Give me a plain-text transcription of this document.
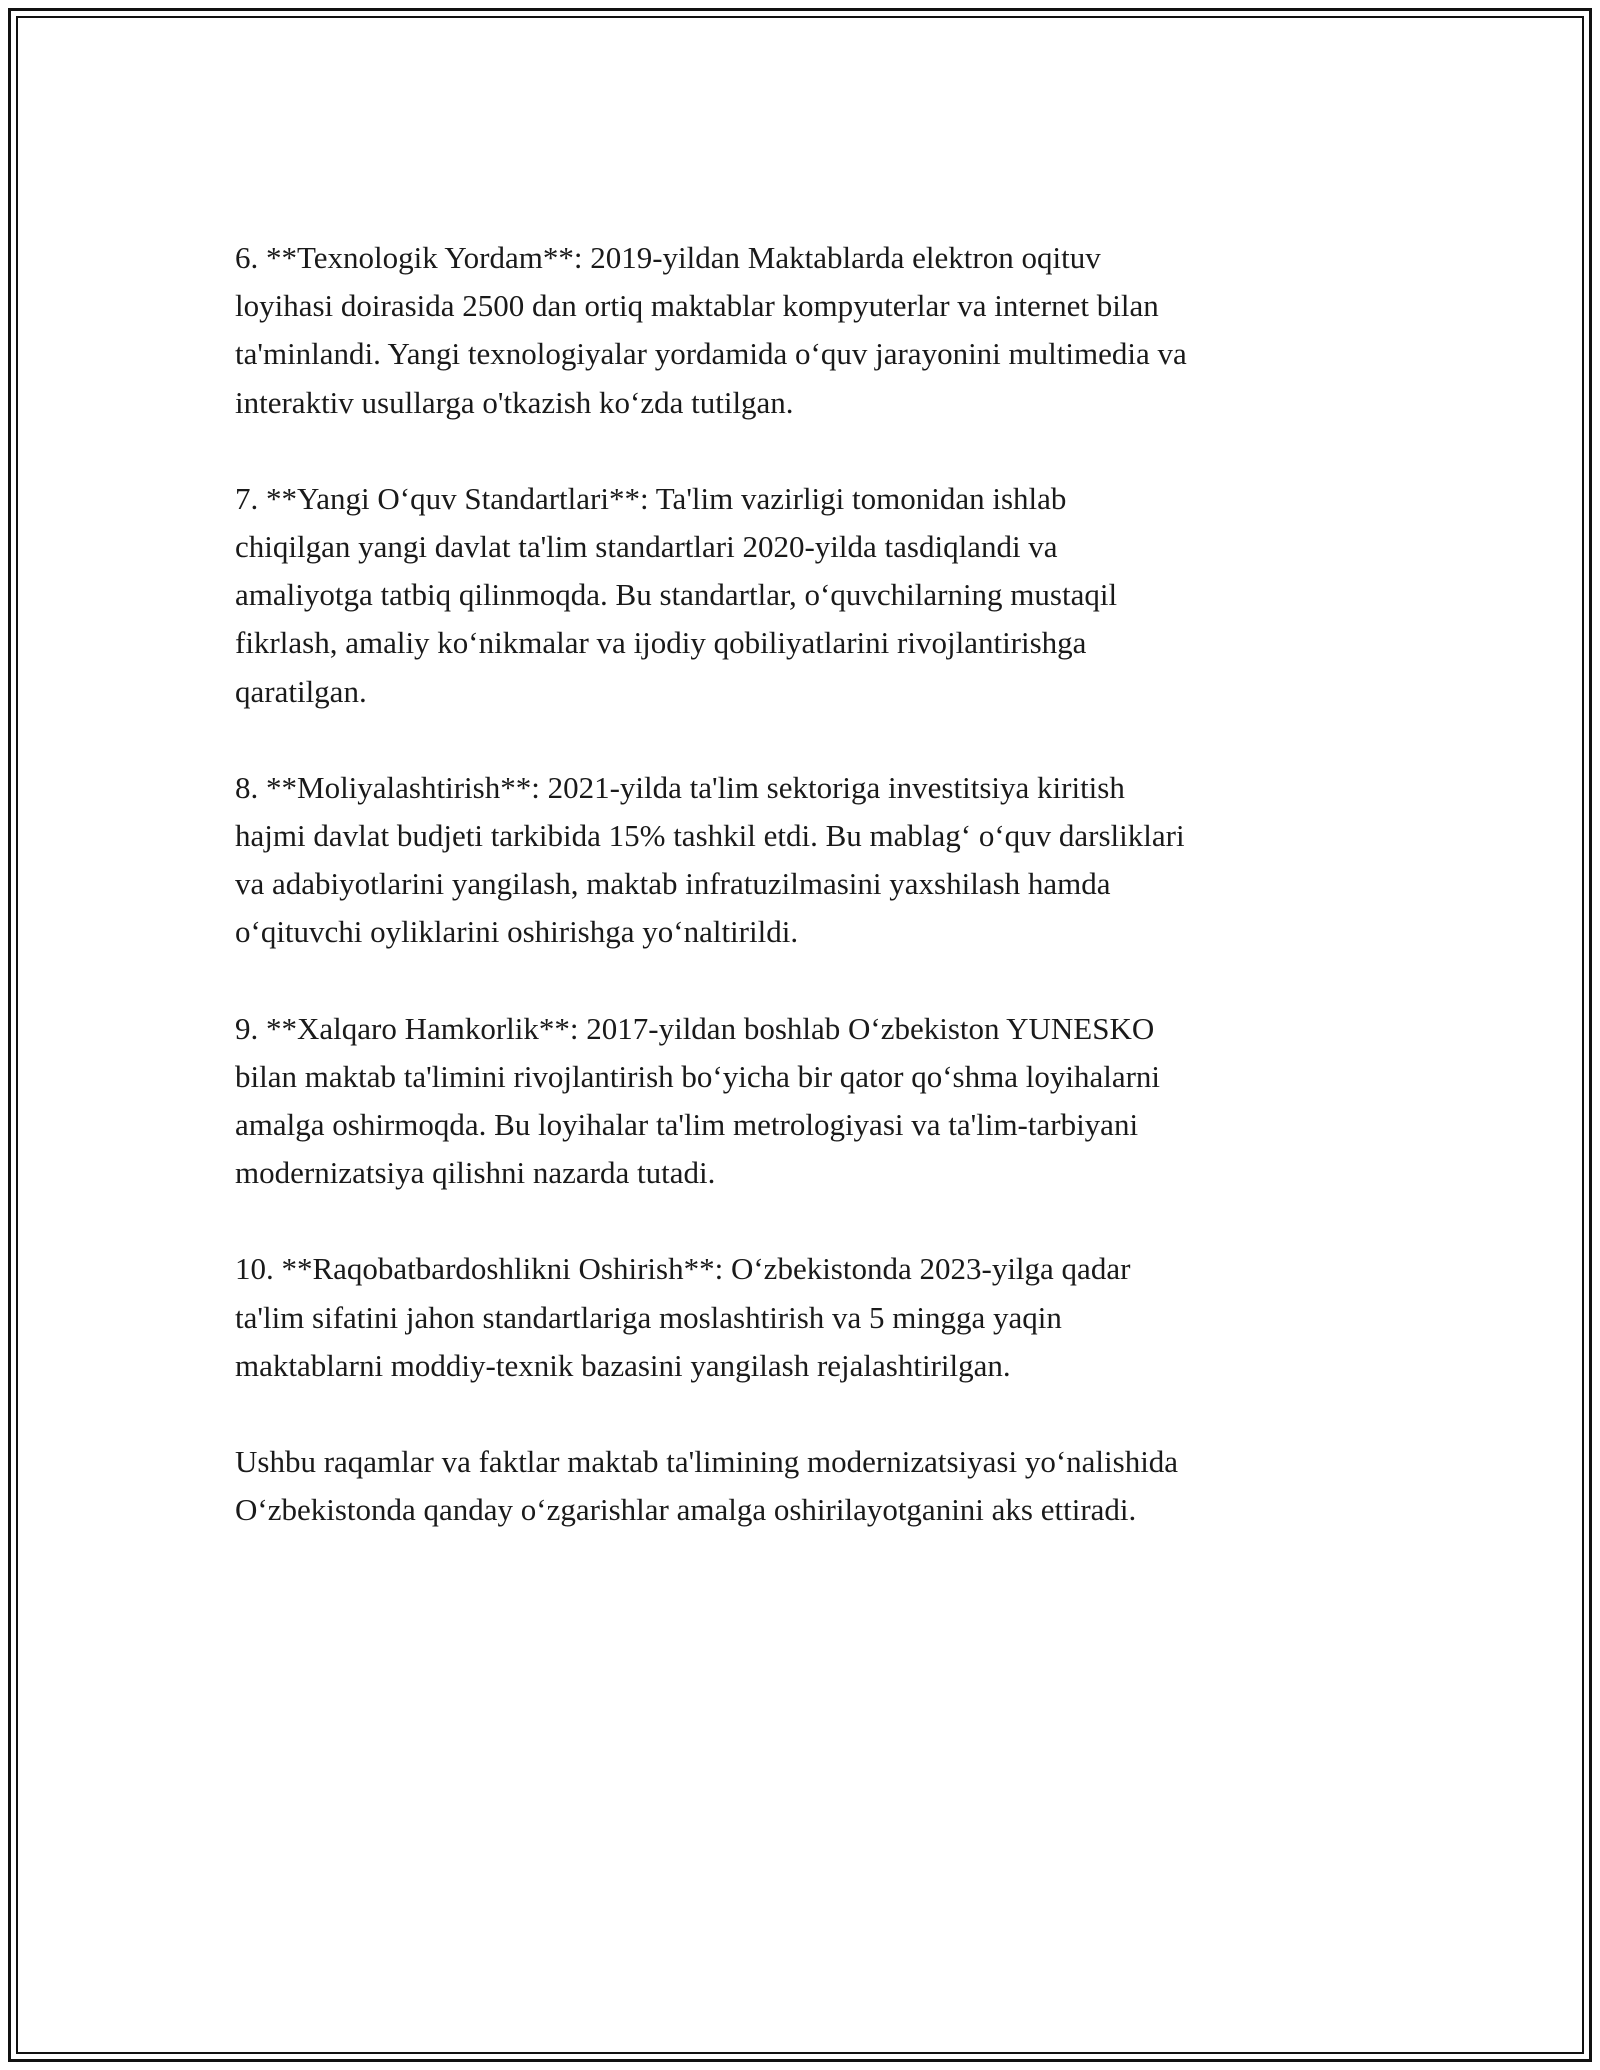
6. **Texnologik Yordam**: 2019-yildan Maktablarda elektron oqituv
loyihasi doirasida 2500 dan ortiq maktablar kompyuterlar va internet bilan
ta'minlandi. Yangi texnologiyalar yordamida o‘quv jarayonini multimedia va
interaktiv usullarga o'tkazish ko‘zda tutilgan.

7. **Yangi O‘quv Standartlari**: Ta'lim vazirligi tomonidan ishlab
chiqilgan yangi davlat ta'lim standartlari 2020-yilda tasdiqlandi va
amaliyotga tatbiq qilinmoqda. Bu standartlar, o‘quvchilarning mustaqil
fikrlash, amaliy ko‘nikmalar va ijodiy qobiliyatlarini rivojlantirishga
qaratilgan.

8. **Moliyalashtirish**: 2021-yilda ta'lim sektoriga investitsiya kiritish
hajmi davlat budjeti tarkibida 15% tashkil etdi. Bu mablag‘ o‘quv darsliklari
va adabiyotlarini yangilash, maktab infratuzilmasini yaxshilash hamda
o‘qituvchi oyliklarini oshirishga yo‘naltirildi.

9. **Xalqaro Hamkorlik**: 2017-yildan boshlab O‘zbekiston YUNESKO
bilan maktab ta'limini rivojlantirish bo‘yicha bir qator qo‘shma loyihalarni
amalga oshirmoqda. Bu loyihalar ta'lim metrologiyasi va ta'lim-tarbiyani
modernizatsiya qilishni nazarda tutadi.

10. **Raqobatbardoshlikni Oshirish**: O‘zbekistonda 2023-yilga qadar
ta'lim sifatini jahon standartlariga moslashtirish va 5 mingga yaqin
maktablarni moddiy-texnik bazasini yangilash rejalashtirilgan.

Ushbu raqamlar va faktlar maktab ta'limining modernizatsiyasi yo‘nalishida
O‘zbekistonda qanday o‘zgarishlar amalga oshirilayotganini aks ettiradi.
